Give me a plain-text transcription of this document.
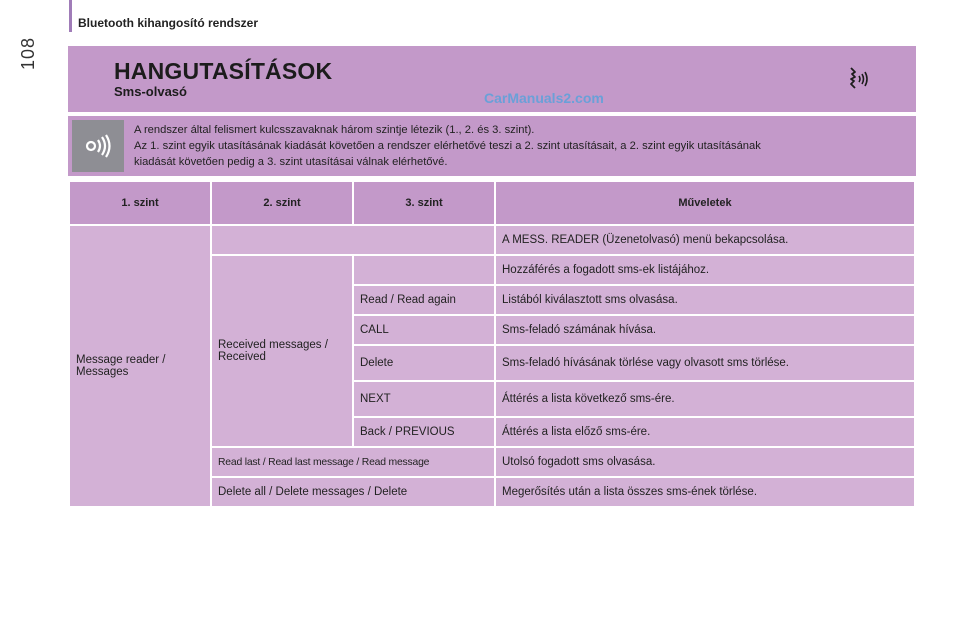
108
Bluetooth kihangosító rendszer
HANGUTASÍTÁSOK
Sms-olvasó	CarManuals2.com
A rendszer által felismert kulcsszavaknak három szintje létezik (1., 2. és 3. szint).
Az 1. szint egyik utasításának kiadását követően a rendszer elérhetővé teszi a 2. szint utasításait, a 2. szint egyik utasításának
kiadását követően pedig a 3. szint utasításai válnak elérhetővé.
1. szint	2. szint	3. szint	Műveletek
Message reader / Messages			A MESS. READER (Üzenetolvasó) menü bekapcsolása.
	Received messages / Received		Hozzáférés a fogadott sms-ek listájához.
		Read / Read again	Listából kiválasztott sms olvasása.
		CALL	Sms-feladó számának hívása.
		Delete	Sms-feladó hívásának törlése vagy olvasott sms törlése.
		NEXT	Áttérés a lista következő sms-ére.
		Back / PREVIOUS	Áttérés a lista előző sms-ére.
	Read last / Read last message / Read message		Utolsó fogadott sms olvasása.
	Delete all / Delete messages / Delete		Megerősítés után a lista összes sms-ének törlése.
